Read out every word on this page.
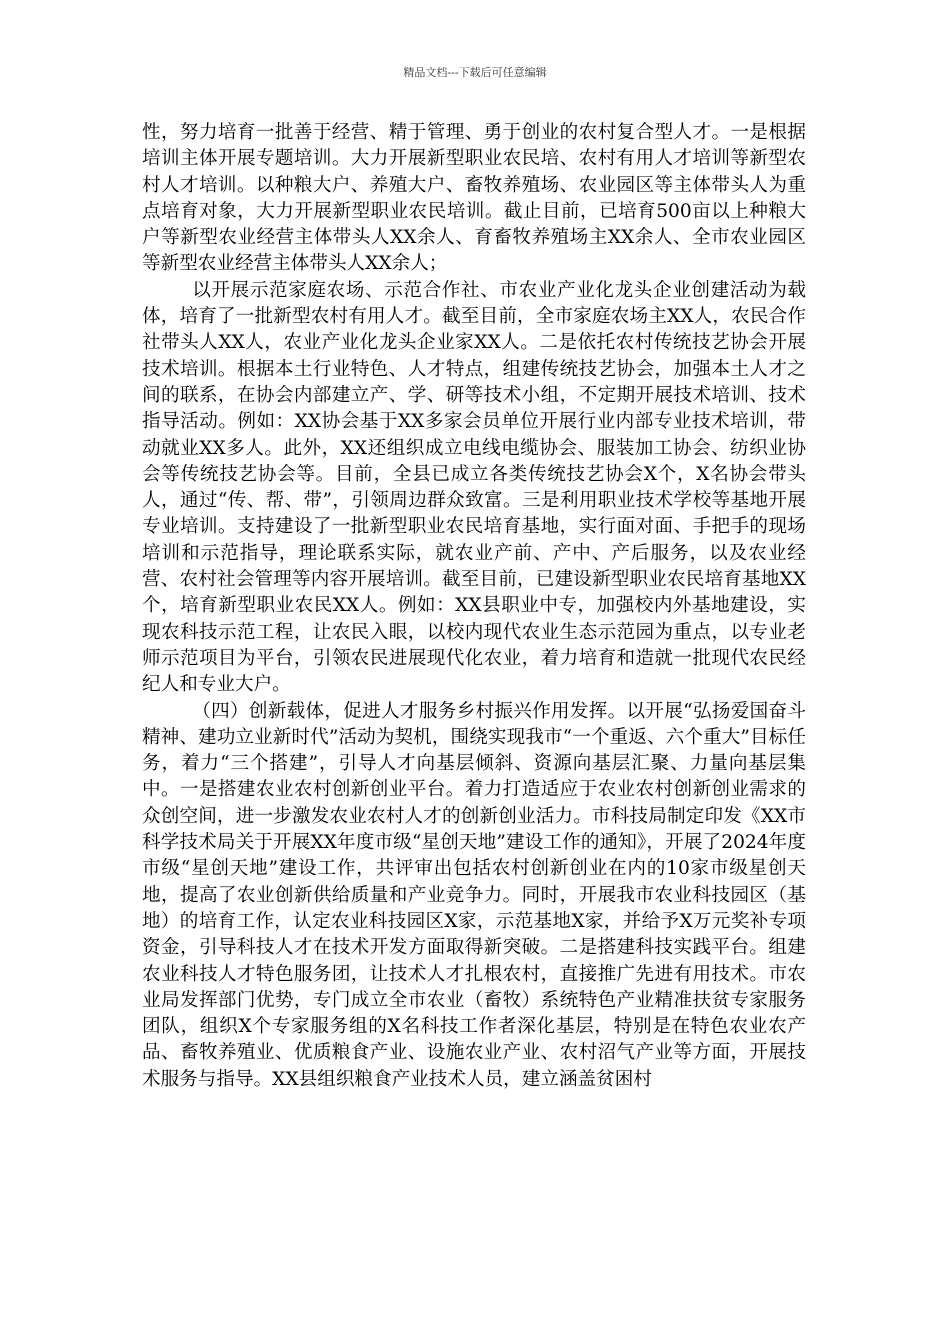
精品文档---下载后可任意编辑

性，努力培育一批善于经营、精于管理、勇于创业的农村复合型人才。一是根据培训主体开展专题培训。大力开展新型职业农民培、农村有用人才培训等新型农村人才培训。以种粮大户、养殖大户、畜牧养殖场、农业园区等主体带头人为重点培育对象，大力开展新型职业农民培训。截止目前，已培育500亩以上种粮大户等新型农业经营主体带头人XX余人、育畜牧养殖场主XX余人、全市农业园区等新型农业经营主体带头人XX余人；

以开展示范家庭农场、示范合作社、市农业产业化龙头企业创建活动为载体，培育了一批新型农村有用人才。截至目前，全市家庭农场主XX人，农民合作社带头人XX人，农业产业化龙头企业家XX人。二是依托农村传统技艺协会开展技术培训。根据本土行业特色、人才特点，组建传统技艺协会，加强本土人才之间的联系，在协会内部建立产、学、研等技术小组，不定期开展技术培训、技术指导活动。例如：XX协会基于XX多家会员单位开展行业内部专业技术培训，带动就业XX多人。此外，XX还组织成立电线电缆协会、服装加工协会、纺织业协会等传统技艺协会等。目前，全县已成立各类传统技艺协会X个，X名协会带头人，通过“传、帮、带”，引领周边群众致富。三是利用职业技术学校等基地开展专业培训。支持建设了一批新型职业农民培育基地，实行面对面、手把手的现场培训和示范指导，理论联系实际，就农业产前、产中、产后服务，以及农业经营、农村社会管理等内容开展培训。截至目前，已建设新型职业农民培育基地XX个，培育新型职业农民XX人。例如：XX县职业中专，加强校内外基地建设，实现农科技示范工程，让农民入眼，以校内现代农业生态示范园为重点，以专业老师示范项目为平台，引领农民进展现代化农业，着力培育和造就一批现代农民经纪人和专业大户。

（四）创新载体，促进人才服务乡村振兴作用发挥。以开展“弘扬爱国奋斗精神、建功立业新时代”活动为契机，围绕实现我市“一个重返、六个重大”目标任务，着力“三个搭建”，引导人才向基层倾斜、资源向基层汇聚、力量向基层集中。一是搭建农业农村创新创业平台。着力打造适应于农业农村创新创业需求的众创空间，进一步激发农业农村人才的创新创业活力。市科技局制定印发《XX市科学技术局关于开展XX年度市级“星创天地”建设工作的通知》，开展了2024年度市级“星创天地”建设工作，共评审出包括农村创新创业在内的10家市级星创天地，提高了农业创新供给质量和产业竞争力。同时，开展我市农业科技园区（基地）的培育工作，认定农业科技园区X家，示范基地X家，并给予X万元奖补专项资金，引导科技人才在技术开发方面取得新突破。二是搭建科技实践平台。组建农业科技人才特色服务团，让技术人才扎根农村，直接推广先进有用技术。市农业局发挥部门优势，专门成立全市农业（畜牧）系统特色产业精准扶贫专家服务团队，组织X个专家服务组的X名科技工作者深化基层，特别是在特色农业农产品、畜牧养殖业、优质粮食产业、设施农业产业、农村沼气产业等方面，开展技术服务与指导。XX县组织粮食产业技术人员，建立涵盖贫困村
